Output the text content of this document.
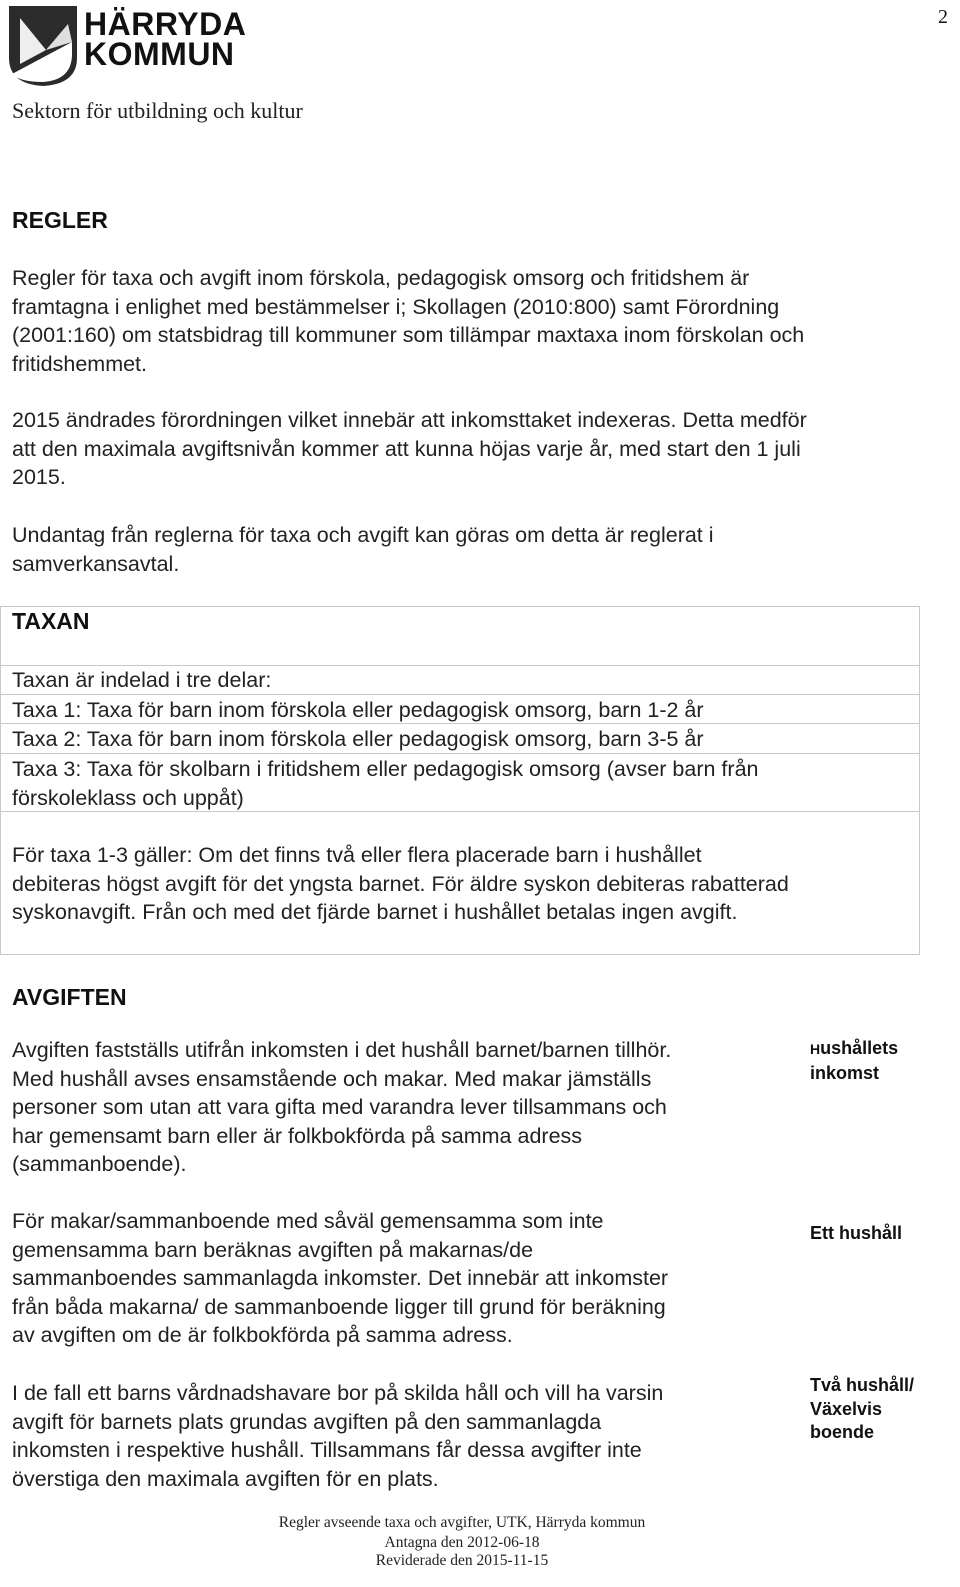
2
HÄRRYDA
KOMMUN
Sektorn för utbildning och kultur
REGLER
Regler för taxa och avgift inom förskola, pedagogisk omsorg och fritidshem är
framtagna i enlighet med bestämmelser i; Skollagen (2010:800) samt Förordning
(2001:160) om statsbidrag till kommuner som tillämpar maxtaxa inom förskolan och
fritidshemmet.
2015 ändrades förordningen vilket innebär att inkomsttaket indexeras. Detta medför
att den maximala avgiftsnivån kommer att kunna höjas varje år, med start den 1 juli
2015.
Undantag från reglerna för taxa och avgift kan göras om detta är reglerat i
samverkansavtal.
TAXAN
Taxan är indelad i tre delar:
Taxa 1: Taxa för barn inom förskola eller pedagogisk omsorg, barn 1-2 år
Taxa 2: Taxa för barn inom förskola eller pedagogisk omsorg, barn 3-5 år
Taxa 3: Taxa för skolbarn i fritidshem eller pedagogisk omsorg (avser barn från
förskoleklass och uppåt)
För taxa 1-3 gäller: Om det finns två eller flera placerade barn i hushållet
debiteras högst avgift för det yngsta barnet. För äldre syskon debiteras rabatterad
syskonavgift. Från och med det fjärde barnet i hushållet betalas ingen avgift.
AVGIFTEN
Avgiften fastställs utifrån inkomsten i det hushåll barnet/barnen tillhör.
Med hushåll avses ensamstående och makar. Med makar jämställs
personer som utan att vara gifta med varandra lever tillsammans och
har gemensamt barn eller är folkbokförda på samma adress
(sammanboende).
För makar/sammanboende med såväl gemensamma som inte
gemensamma barn beräknas avgiften på makarnas/de
sammanboendes sammanlagda inkomster. Det innebär att inkomster
från båda makarna/ de sammanboende ligger till grund för beräkning
av avgiften om de är folkbokförda på samma adress.
I de fall ett barns vårdnadshavare bor på skilda håll och vill ha varsin
avgift för barnets plats grundas avgiften på den sammanlagda
inkomsten i respektive hushåll. Tillsammans får dessa avgifter inte
överstiga den maximala avgiften för en plats.
Hushållets
inkomst
Ett hushåll
Två hushåll/
Växelvis
boende
Regler avseende taxa och avgifter, UTK, Härryda kommun
Antagna den 2012-06-18
Reviderade den 2015-11-15
